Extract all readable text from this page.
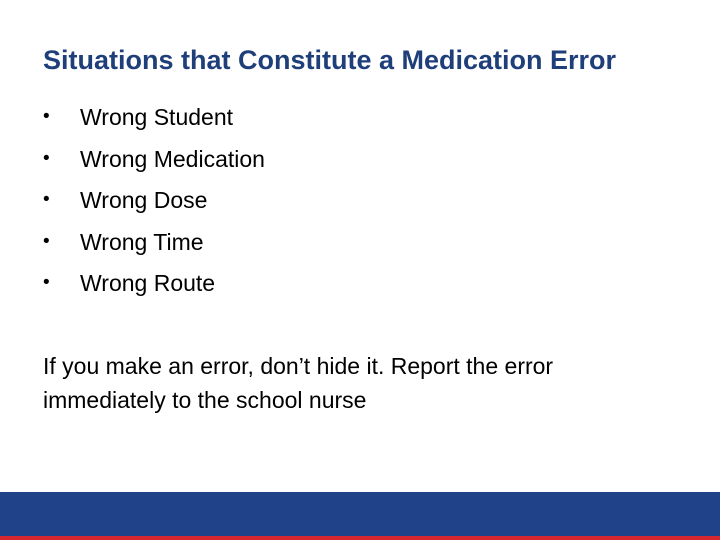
Situations that Constitute a Medication Error
•	Wrong Student
•	Wrong Medication
•	Wrong Dose
•	Wrong Time
•	Wrong Route
If you make an error, don’t hide it. Report the error
immediately to the school nurse
